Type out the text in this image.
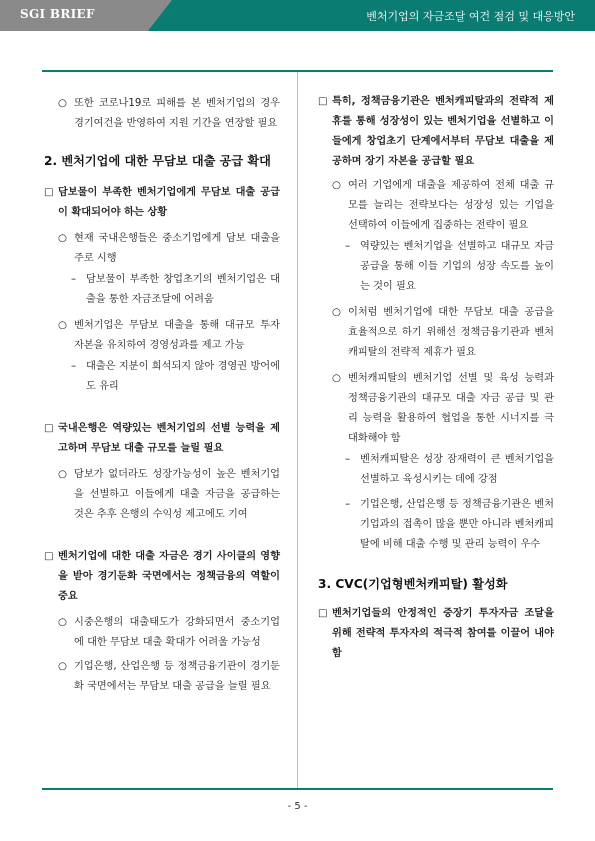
SGI BRIEF	벤처기업의 자금조달 여건 점검 및 대응방안

○ 또한 코로나19로 피해를 본 벤처기업의 경우 경기여건을 반영하여 지원 기간을 연장할 필요

2. 벤처기업에 대한 무담보 대출 공급 확대

□ 담보물이 부족한 벤처기업에게 무담보 대출 공급이 확대되어야 하는 상황

○ 현재 국내은행들은 중소기업에게 담보 대출을 주로 시행

– 담보물이 부족한 창업초기의 벤처기업은 대출을 통한 자금조달에 어려움

○ 벤처기업은 무담보 대출을 통해 대규모 투자 자본을 유치하여 경영성과를 제고 가능

– 대출은 지분이 희석되지 않아 경영권 방어에도 유리

□ 국내은행은 역량있는 벤처기업의 선별 능력을 제고하며 무담보 대출 규모를 늘릴 필요

○ 담보가 없더라도 성장가능성이 높은 벤처기업을 선별하고 이들에게 대출 자금을 공급하는 것은 추후 은행의 수익성 제고에도 기여

□ 벤처기업에 대한 대출 자금은 경기 사이클의 영향을 받아 경기둔화 국면에서는 정책금융의 역할이 중요

○ 시중은행의 대출태도가 강화되면서 중소기업에 대한 무담보 대출 확대가 어려울 가능성

○ 기업은행, 산업은행 등 정책금융기관이 경기둔화 국면에서는 무담보 대출 공급을 늘릴 필요

□ 특히, 정책금융기관은 벤처캐피탈과의 전략적 제휴를 통해 성장성이 있는 벤처기업을 선별하고 이들에게 창업초기 단계에서부터 무담보 대출을 제공하며 장기 자본을 공급할 필요

○ 여러 기업에게 대출을 제공하여 전체 대출 규모를 늘리는 전략보다는 성장성 있는 기업을 선택하여 이들에게 집중하는 전략이 필요

– 역량있는 벤처기업을 선별하고 대규모 자금 공급을 통해 이들 기업의 성장 속도를 높이는 것이 필요

○ 이처럼 벤처기업에 대한 무담보 대출 공급을 효율적으로 하기 위해선 정책금융기관과 벤처캐피탈의 전략적 제휴가 필요

○ 벤처캐피탈의 벤처기업 선별 및 육성 능력과 정책금융기관의 대규모 대출 자금 공급 및 관리 능력을 활용하여 협업을 통한 시너지를 극대화해야 함

– 벤처캐피탈은 성장 잠재력이 큰 벤처기업을 선별하고 육성시키는 데에 강점

– 기업은행, 산업은행 등 정책금융기관은 벤처기업과의 접촉이 많을 뿐만 아니라 벤처캐피탈에 비해 대출 수행 및 관리 능력이 우수

3. CVC(기업형벤처캐피탈) 활성화

□ 벤처기업들의 안정적인 중장기 투자자금 조달을 위해 전략적 투자자의 적극적 참여를 이끌어 내야함

- 5 -
